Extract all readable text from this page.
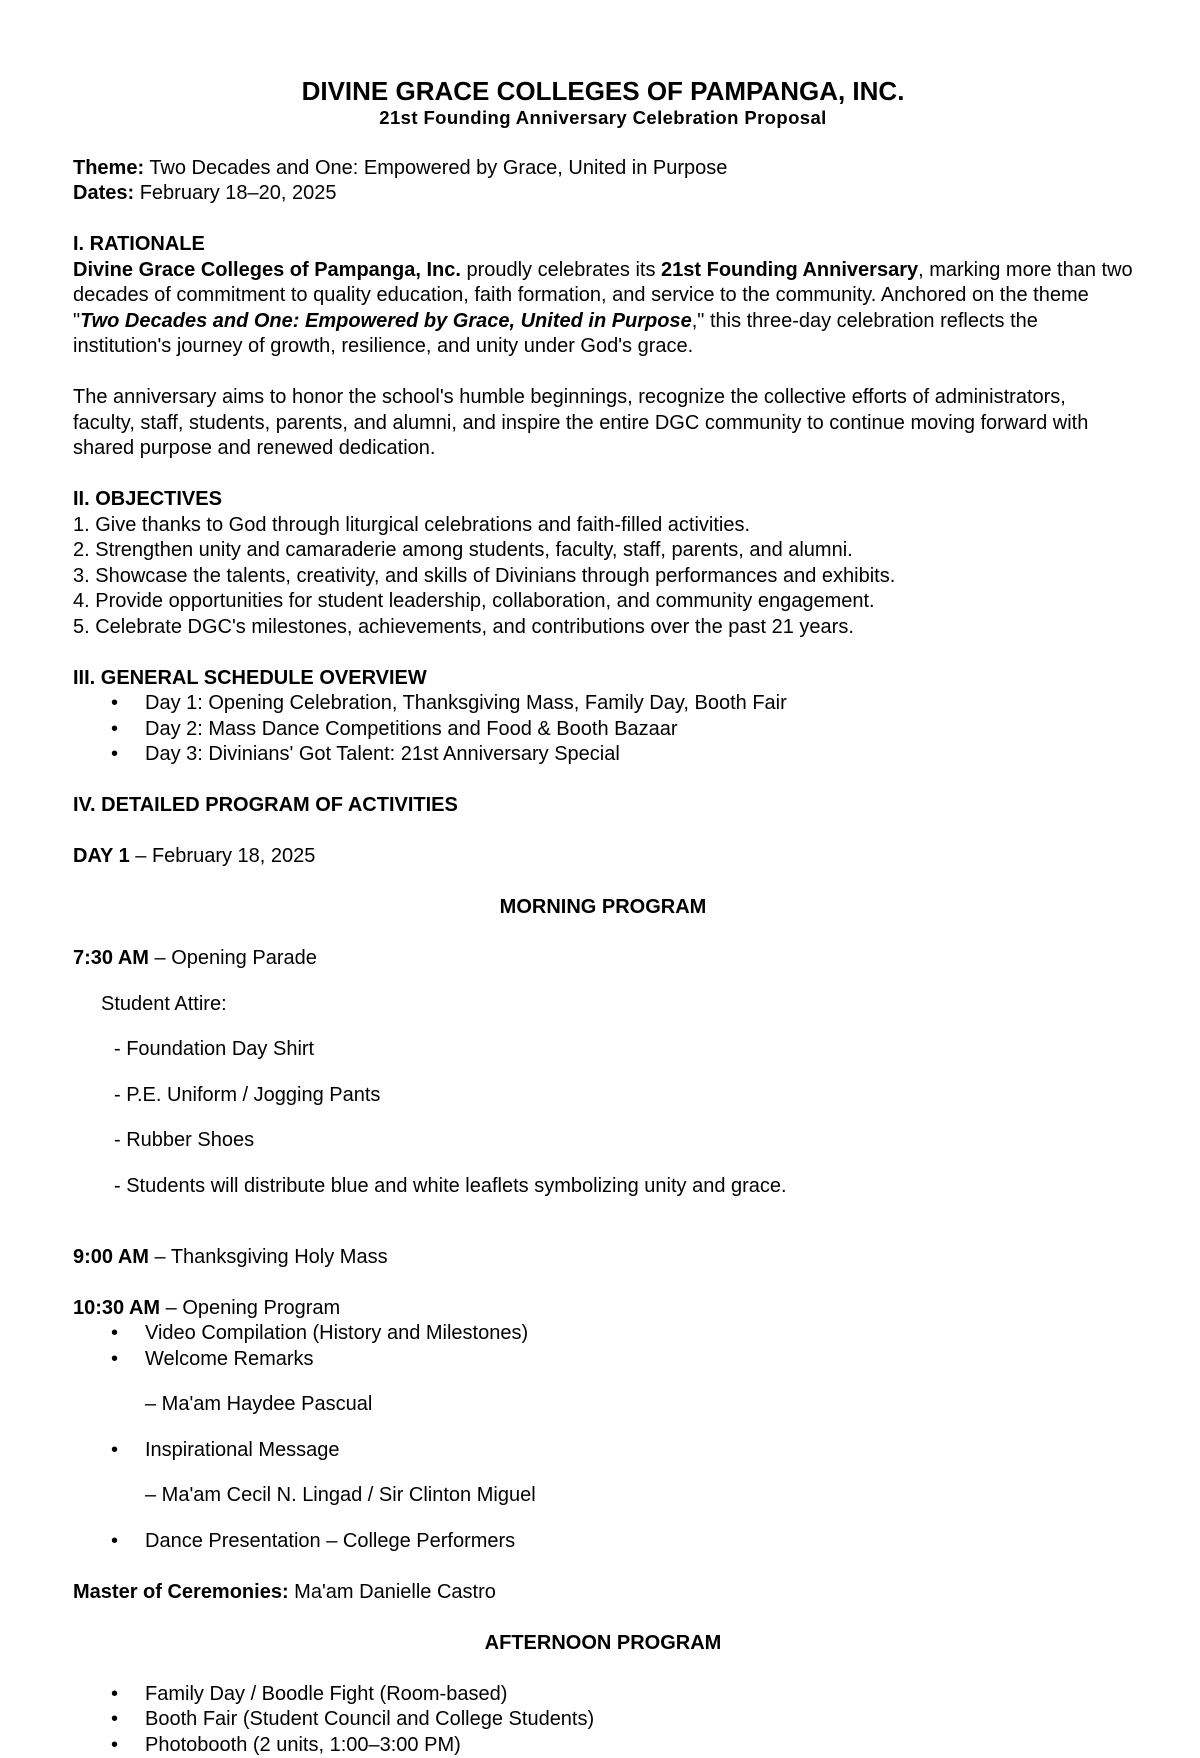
DIVINE GRACE COLLEGES OF PAMPANGA, INC.

21st Founding Anniversary Celebration Proposal

Theme: Two Decades and One: Empowered by Grace, United in Purpose

Dates: February 18–20, 2025

I. RATIONALE

Divine Grace Colleges of Pampanga, Inc. proudly celebrates its 21st Founding Anniversary, marking more than two decades of commitment to quality education, faith formation, and service to the community. Anchored on the theme "Two Decades and One: Empowered by Grace, United in Purpose," this three-day celebration reflects the institution's journey of growth, resilience, and unity under God's grace.

The anniversary aims to honor the school's humble beginnings, recognize the collective efforts of administrators, faculty, staff, students, parents, and alumni, and inspire the entire DGC community to continue moving forward with shared purpose and renewed dedication.

II. OBJECTIVES

1. Give thanks to God through liturgical celebrations and faith-filled activities.

2. Strengthen unity and camaraderie among students, faculty, staff, parents, and alumni.

3. Showcase the talents, creativity, and skills of Divinians through performances and exhibits.

4. Provide opportunities for student leadership, collaboration, and community engagement.

5. Celebrate DGC's milestones, achievements, and contributions over the past 21 years.

III. GENERAL SCHEDULE OVERVIEW

• Day 1: Opening Celebration, Thanksgiving Mass, Family Day, Booth Fair
• Day 2: Mass Dance Competitions and Food & Booth Bazaar
• Day 3: Divinians' Got Talent: 21st Anniversary Special

IV. DETAILED PROGRAM OF ACTIVITIES

DAY 1 – February 18, 2025

MORNING PROGRAM

7:30 AM – Opening Parade

Student Attire:

- Foundation Day Shirt

- P.E. Uniform / Jogging Pants

- Rubber Shoes

- Students will distribute blue and white leaflets symbolizing unity and grace.

9:00 AM – Thanksgiving Holy Mass

10:30 AM – Opening Program

• Video Compilation (History and Milestones)
• Welcome Remarks

– Ma'am Haydee Pascual

• Inspirational Message

– Ma'am Cecil N. Lingad / Sir Clinton Miguel

• Dance Presentation – College Performers

Master of Ceremonies: Ma'am Danielle Castro

AFTERNOON PROGRAM

• Family Day / Boodle Fight (Room-based)
• Booth Fair (Student Council and College Students)
• Photobooth (2 units, 1:00–3:00 PM)
